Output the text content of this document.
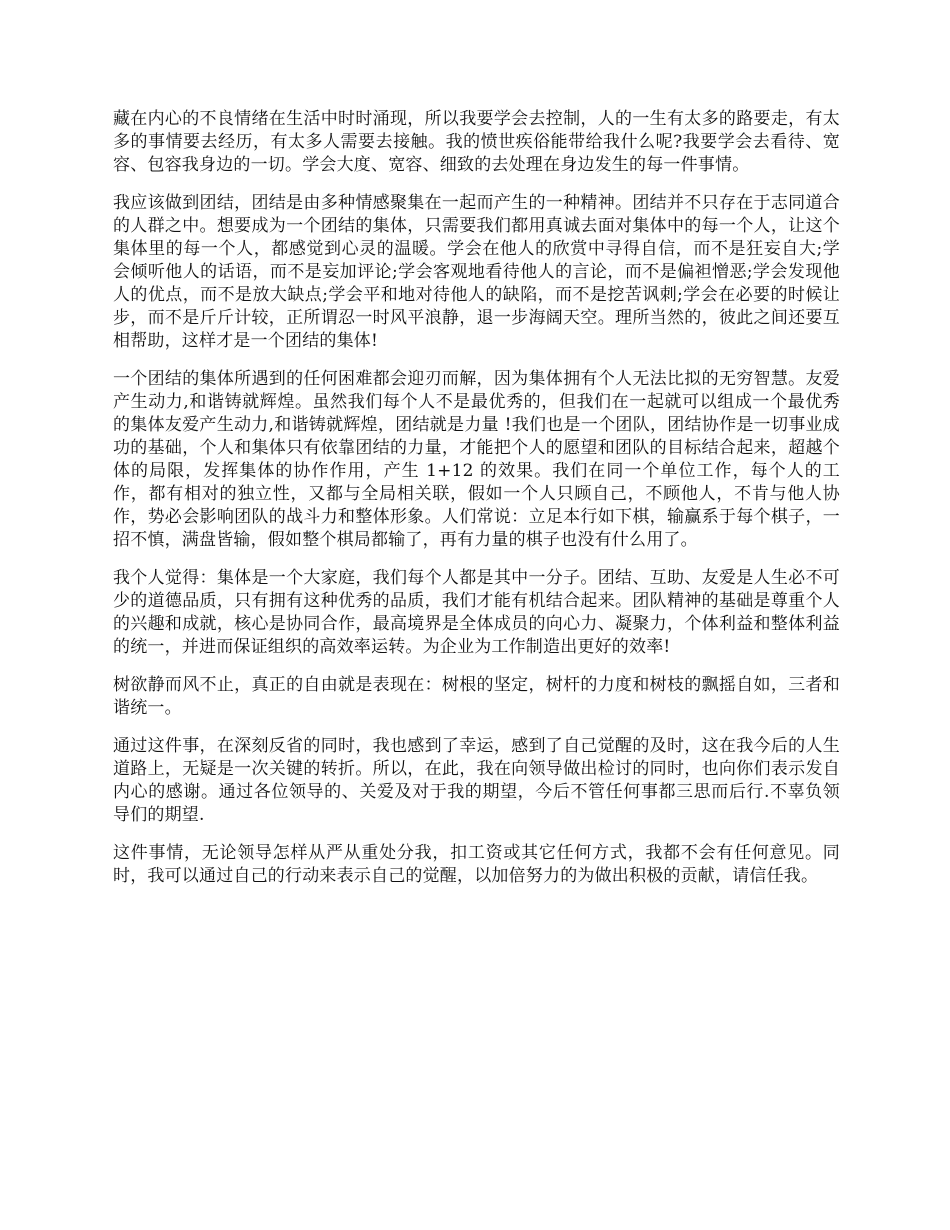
藏在内心的不良情绪在生活中时时涌现，所以我要学会去控制，人的一生有太多的路要走，有太多的事情要去经历，有太多人需要去接触。我的愤世疾俗能带给我什么呢?我要学会去看待、宽容、包容我身边的一切。学会大度、宽容、细致的去处理在身边发生的每一件事情。

我应该做到团结，团结是由多种情感聚集在一起而产生的一种精神。团结并不只存在于志同道合的人群之中。想要成为一个团结的集体，只需要我们都用真诚去面对集体中的每一个人，让这个集体里的每一个人，都感觉到心灵的温暖。学会在他人的欣赏中寻得自信，而不是狂妄自大;学会倾听他人的话语，而不是妄加评论;学会客观地看待他人的言论，而不是偏袒憎恶;学会发现他人的优点，而不是放大缺点;学会平和地对待他人的缺陷，而不是挖苦讽刺;学会在必要的时候让步，而不是斤斤计较，正所谓忍一时风平浪静，退一步海阔天空。理所当然的，彼此之间还要互相帮助，这样才是一个团结的集体!

一个团结的集体所遇到的任何困难都会迎刃而解，因为集体拥有个人无法比拟的无穷智慧。友爱产生动力,和谐铸就辉煌。虽然我们每个人不是最优秀的，但我们在一起就可以组成一个最优秀的集体友爱产生动力,和谐铸就辉煌，团结就是力量 !我们也是一个团队，团结协作是一切事业成功的基础，个人和集体只有依靠团结的力量，才能把个人的愿望和团队的目标结合起来，超越个体的局限，发挥集体的协作作用，产生 1+12 的效果。我们在同一个单位工作，每个人的工作，都有相对的独立性，又都与全局相关联，假如一个人只顾自己，不顾他人，不肯与他人协作，势必会影响团队的战斗力和整体形象。人们常说：立足本行如下棋，输赢系于每个棋子，一招不慎，满盘皆输，假如整个棋局都输了，再有力量的棋子也没有什么用了。

我个人觉得：集体是一个大家庭，我们每个人都是其中一分子。团结、互助、友爱是人生必不可少的道德品质，只有拥有这种优秀的品质，我们才能有机结合起来。团队精神的基础是尊重个人的兴趣和成就，核心是协同合作，最高境界是全体成员的向心力、凝聚力，个体利益和整体利益的统一，并进而保证组织的高效率运转。为企业为工作制造出更好的效率!

树欲静而风不止，真正的自由就是表现在：树根的坚定，树杆的力度和树枝的飘摇自如，三者和谐统一。

通过这件事，在深刻反省的同时，我也感到了幸运，感到了自己觉醒的及时，这在我今后的人生道路上，无疑是一次关键的转折。所以，在此，我在向领导做出检讨的同时，也向你们表示发自内心的感谢。通过各位领导的、关爱及对于我的期望，今后不管任何事都三思而后行.不辜负领导们的期望.

这件事情，无论领导怎样从严从重处分我，扣工资或其它任何方式，我都不会有任何意见。同时，我可以通过自己的行动来表示自己的觉醒，以加倍努力的为做出积极的贡献，请信任我。
